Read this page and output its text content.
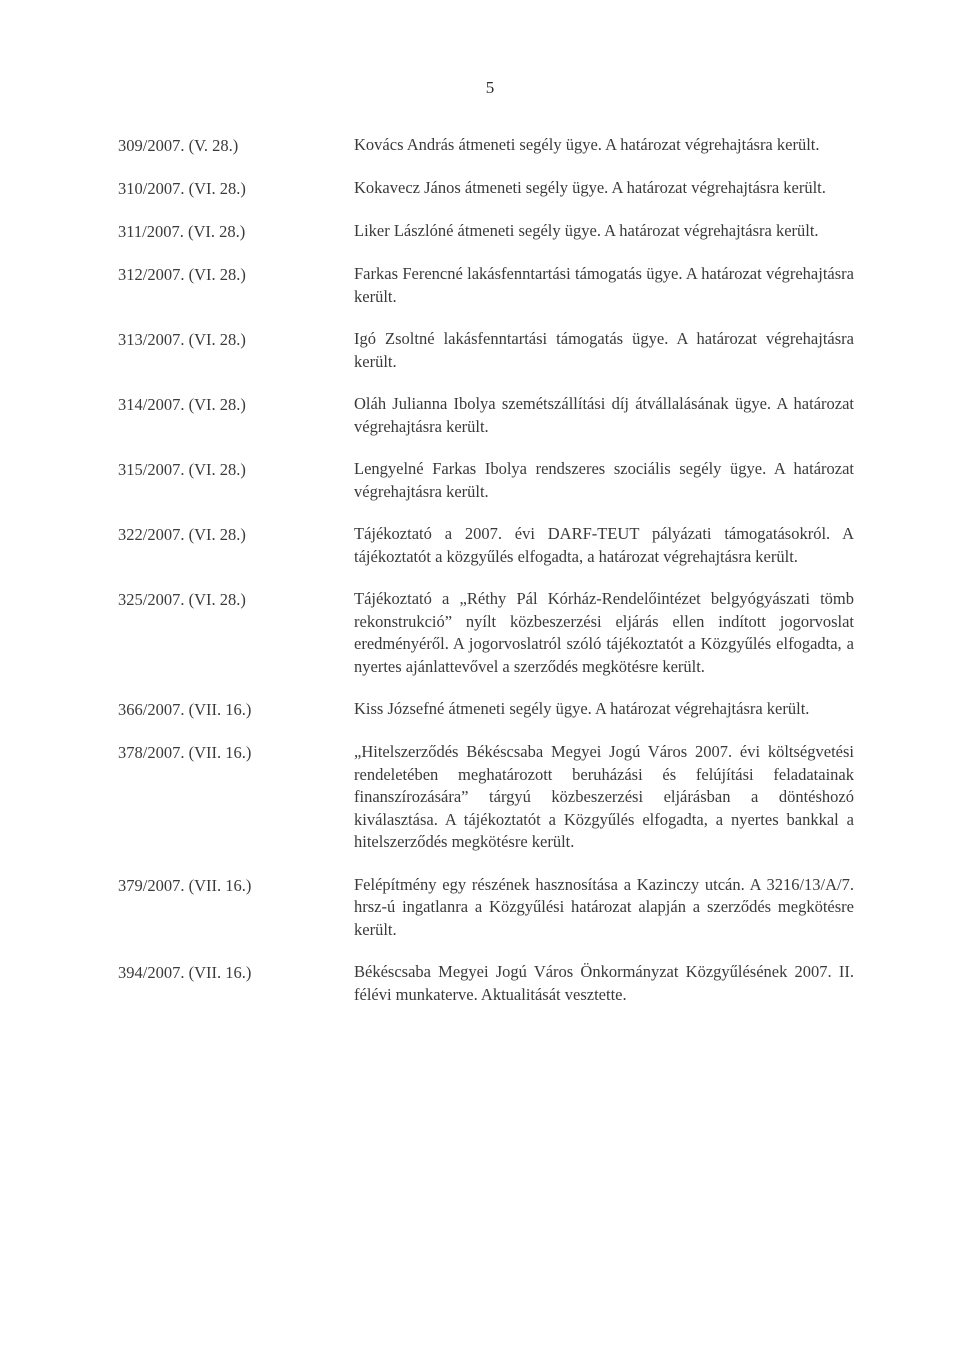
5
309/2007. (V. 28.)	Kovács András átmeneti segély ügye. A határozat végrehajtásra került.
310/2007. (VI. 28.)	Kokavecz János átmeneti segély ügye. A határozat végrehajtásra került.
311/2007. (VI. 28.)	Liker Lászlóné átmeneti segély ügye. A határozat végrehajtásra került.
312/2007. (VI. 28.)	Farkas Ferencné lakásfenntartási támogatás ügye. A határozat végrehajtásra került.
313/2007. (VI. 28.)	Igó Zsoltné lakásfenntartási támogatás ügye. A határozat végrehajtásra került.
314/2007. (VI. 28.)	Oláh Julianna Ibolya szemétszállítási díj átvállalásának ügye. A határozat végrehajtásra került.
315/2007. (VI. 28.)	Lengyelné Farkas Ibolya rendszeres szociális segély ügye. A határozat végrehajtásra került.
322/2007. (VI. 28.)	Tájékoztató a 2007. évi DARF-TEUT pályázati támogatásokról. A tájékoztatót a közgyűlés elfogadta, a határozat végrehajtásra került.
325/2007. (VI. 28.)	Tájékoztató a „Réthy Pál Kórház-Rendelőintézet belgyógyászati tömb rekonstrukció” nyílt közbeszerzési eljárás ellen indított jogorvoslat eredményéről. A jogorvoslatról szóló tájékoztatót a Közgyűlés elfogadta, a nyertes ajánlattevővel a szerződés megkötésre került.
366/2007. (VII. 16.)	Kiss Józsefné átmeneti segély ügye. A határozat végrehajtásra került.
378/2007. (VII. 16.)	„Hitelszerződés Békéscsaba Megyei Jogú Város 2007. évi költségvetési rendeletében meghatározott beruházási és felújítási feladatainak finanszírozására” tárgyú közbeszerzési eljárásban a döntéshozó kiválasztása. A tájékoztatót a Közgyűlés elfogadta, a nyertes bankkal a hitelszerződés megkötésre került.
379/2007. (VII. 16.)	Felépítmény egy részének hasznosítása a Kazinczy utcán. A 3216/13/A/7. hrsz-ú ingatlanra a Közgyűlési határozat alapján a szerződés megkötésre került.
394/2007. (VII. 16.)	Békéscsaba Megyei Jogú Város Önkormányzat Közgyűlésének 2007. II. félévi munkaterve. Aktualitását vesztette.
